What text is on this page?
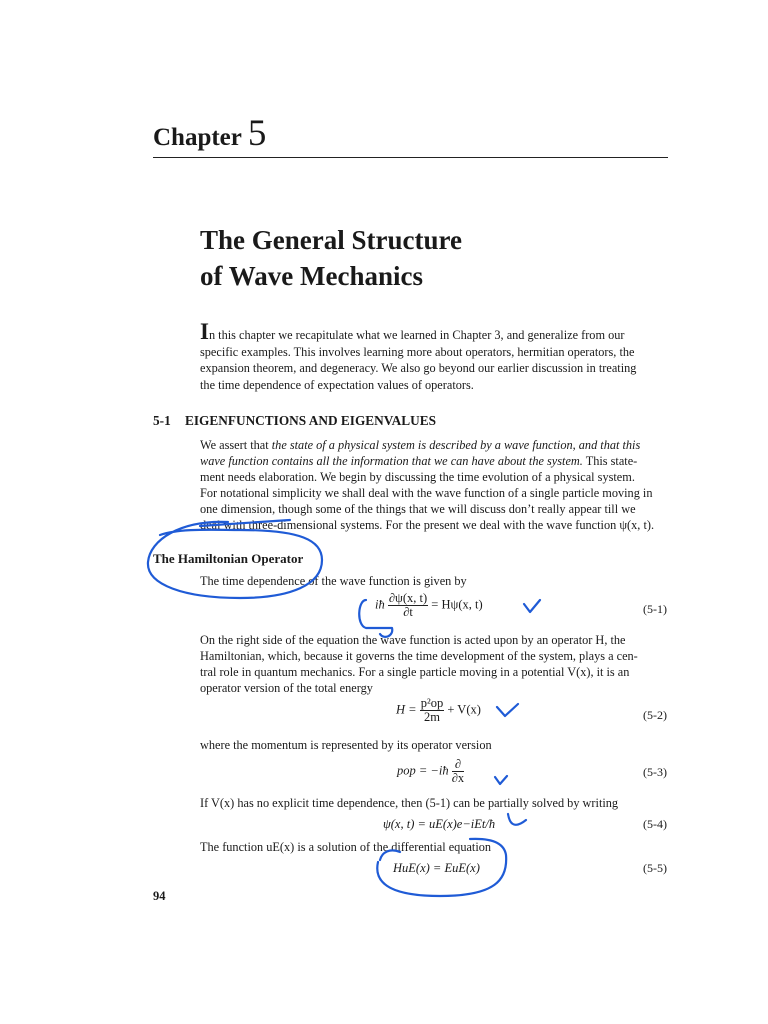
Chapter 5
The General Structure
of Wave Mechanics
In this chapter we recapitulate what we learned in Chapter 3, and generalize from our
specific examples. This involves learning more about operators, hermitian operators, the
expansion theorem, and degeneracy. We also go beyond our earlier discussion in treating
the time dependence of expectation values of operators.
5-1 EIGENFUNCTIONS AND EIGENVALUES
We assert that the state of a physical system is described by a wave function, and that this
wave function contains all the information that we can have about the system. This state-
ment needs elaboration. We begin by discussing the time evolution of a physical system.
For notational simplicity we shall deal with the wave function of a single particle moving in
one dimension, though some of the things that we will discuss don’t really appear till we
deal with three-dimensional systems. For the present we deal with the wave function ψ(x, t).
The Hamiltonian Operator
The time dependence of the wave function is given by
iħ $\frac{\partial\psi(x, t)}{\partial t} = H\psi(x$, t)	(5-1)
On the right side of the equation the wave function is acted upon by an operator H, the
Hamiltonian, which, because it governs the time development of the system, plays a cen-
tral role in quantum mechanics. For a single particle moving in a potential V(x), it is an
operator version of the total energy
$H = \frac{\text{p²op}}{2m} + V(x)$	(5-2)
where the momentum is represented by its operator version
pop = −iħ $\frac{\partial}{\partial x}$	(5-3)
If V(x) has no explicit time dependence, then (5-1) can be partially solved by writing
ψ(x, t) = uE(x)e−iEt/ħ	(5-4)
The function uE(x) is a solution of the differential equation
HuE(x) = EuE(x)	(5-5)
94
